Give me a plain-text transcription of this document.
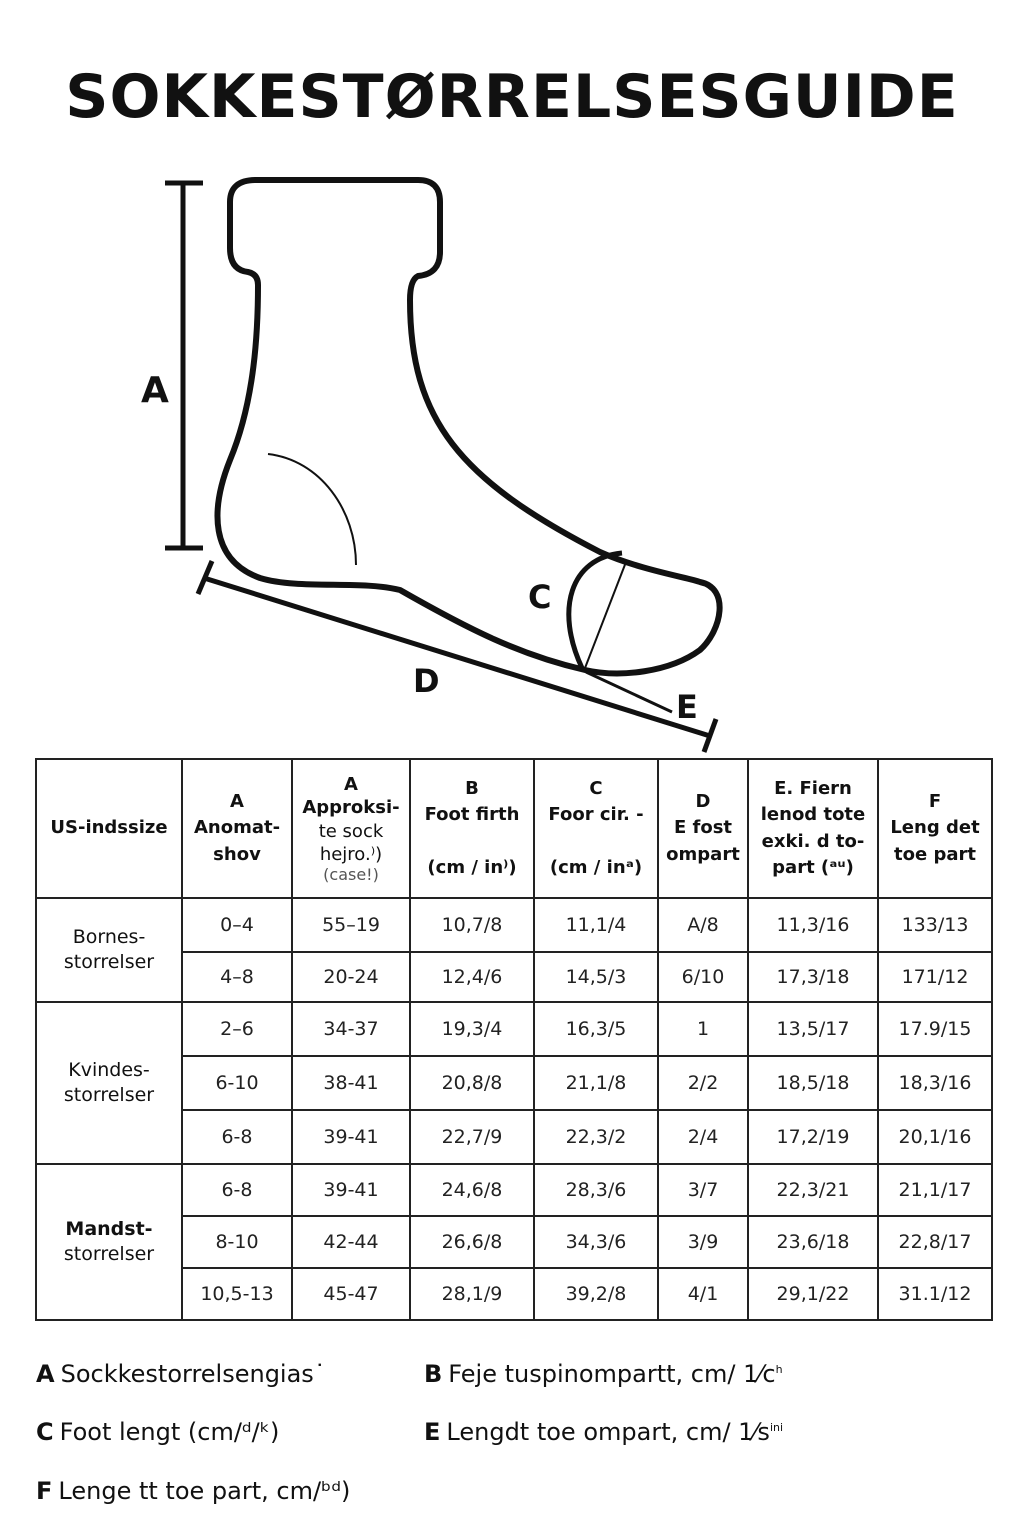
SOKKESTØRRELSESGUIDE
A
C
D
E
US-indssize	A
Anomat-
shov	A
Approksi-
te sock
hejro.⁾)
(case!)	B
Foot firth

(cm / in⁾)	C
Foor cir. -

(cm / inᵃ)	D
E fost
ompart	E. Fiern
lenod tote
exki. d to-
part (ᵃᵘ)	F
Leng det
toe part
Bornes-
storrelser	0–4	55–19	10,7/8	11,1/4	A/8	11,3/16	133/13
	4–8	20-24	12,4/6	14,5/3	6/10	17,3/18	171/12
Kvindes-
storrelser	2–6	34-37	19,3/4	16,3/5	1	13,5/17	17.9/15
	6-10	38-41	20,8/8	21,1/8	2/2	18,5/18	18,3/16
	6-8	39-41	22,7/9	22,3/2	2/4	17,2/19	20,1/16
Mandst-
storrelser	6-8	39-41	24,6/8	28,3/6	3/7	22,3/21	21,1/17
	8-10	42-44	26,6/8	34,3/6	3/9	23,6/18	22,8/17
	10,5-13	45-47	28,1/9	39,2/8	4/1	29,1/22	31.1/12
A Sockkestorrelsengias˙	B Feje tuspinompartt, cm/ $1⁄c^h$
C Foot lengt (cm/ᵈ/ᵏ)	E Lengdt toe ompart, cm/ $1⁄s^{ini}$
F Lenge tt toe part, cm/ᵇᵈ)
